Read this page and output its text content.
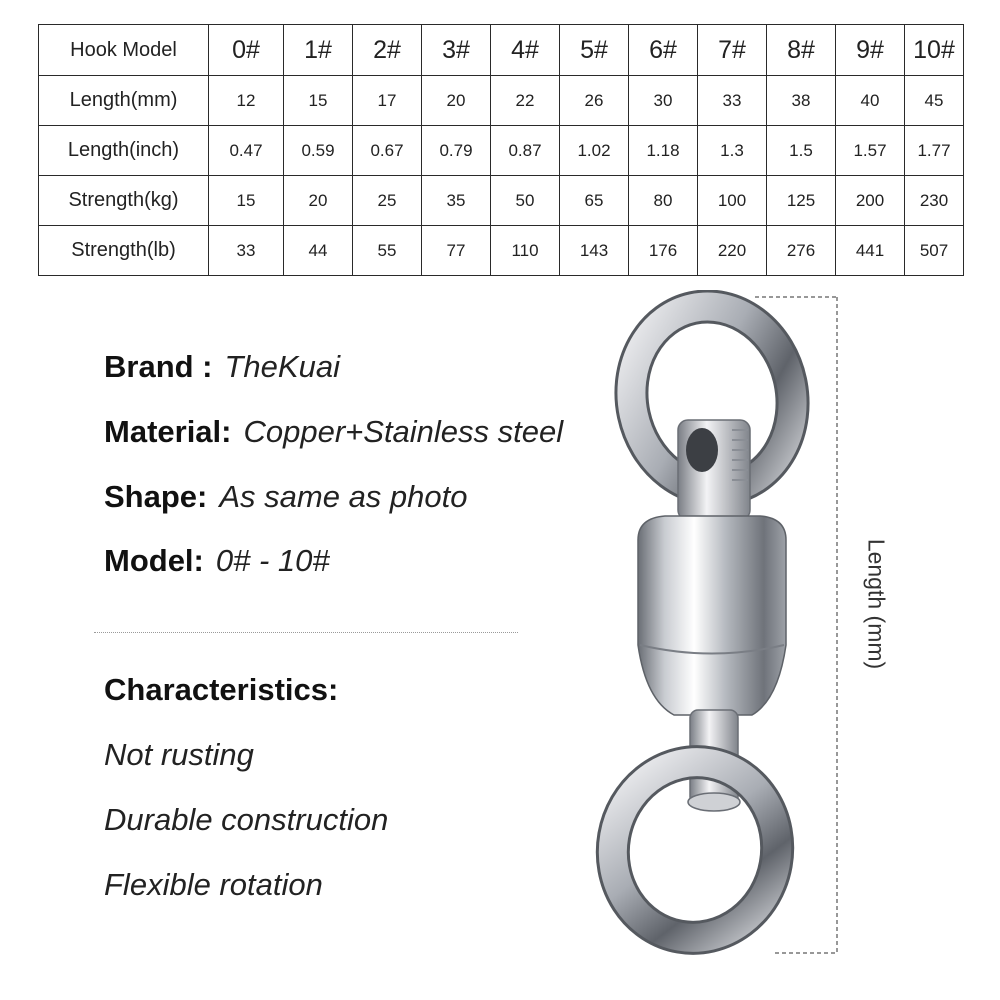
Hook Model	0#	1#	2#	3#	4#	5#	6#	7#	8#	9#	10#
Length(mm)	12	15	17	20	22	26	30	33	38	40	45
Length(inch)	0.47	0.59	0.67	0.79	0.87	1.02	1.18	1.3	1.5	1.57	1.77
Strength(kg)	15	20	25	35	50	65	80	100	125	200	230
Strength(lb)	33	44	55	77	110	143	176	220	276	441	507
Brand : TheKuai
Material: Copper+Stainless steel
Shape: As same as photo
Model: 0# - 10#
Characteristics:
Not rusting
Durable construction
Flexible rotation
Length (mm)
